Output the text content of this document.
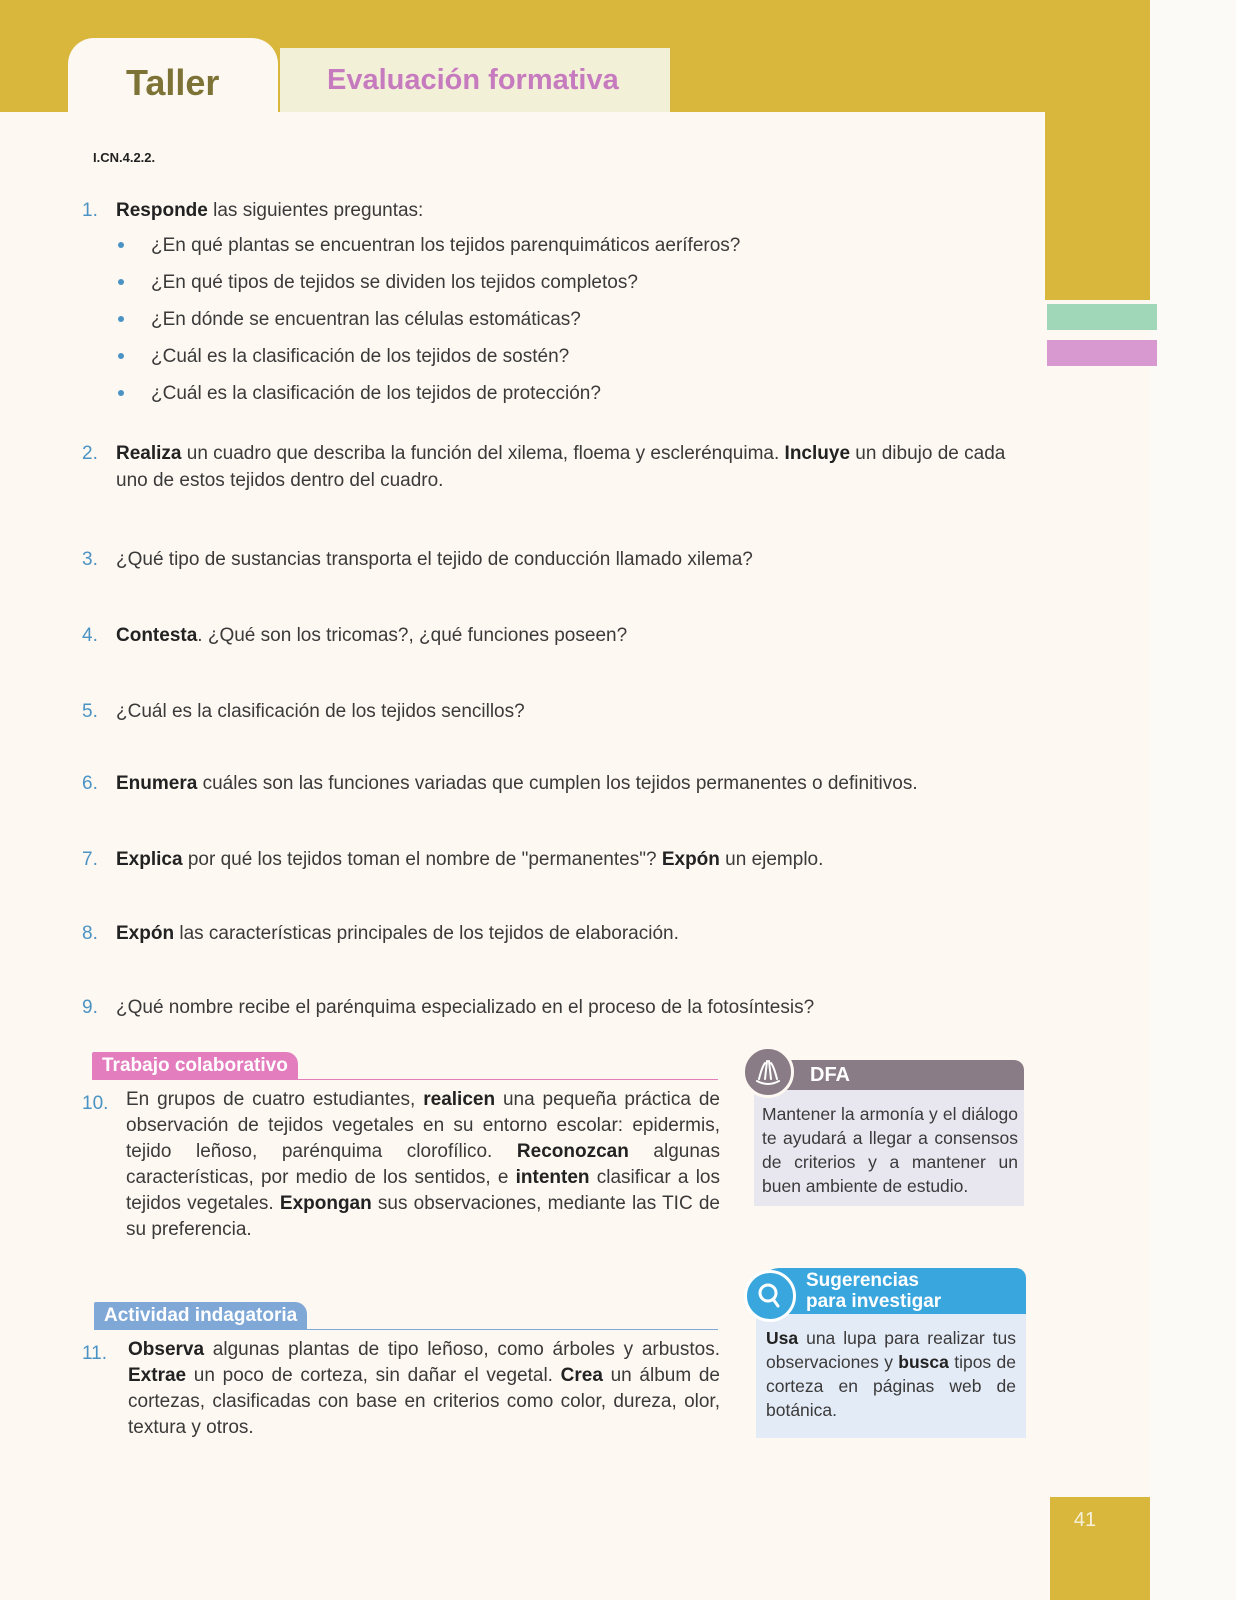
Taller	Evaluación formativa
I.CN.4.2.2.
1. Responde las siguientes preguntas:
¿En qué plantas se encuentran los tejidos parenquimáticos aeríferos?
¿En qué tipos de tejidos se dividen los tejidos completos?
¿En dónde se encuentran las células estomáticas?
¿Cuál es la clasificación de los tejidos de sostén?
¿Cuál es la clasificación de los tejidos de protección?
2. Realiza un cuadro que describa la función del xilema, floema y esclerénquima. Incluye un dibujo de cada uno de estos tejidos dentro del cuadro.
3. ¿Qué tipo de sustancias transporta el tejido de conducción llamado xilema?
4. Contesta. ¿Qué son los tricomas?, ¿qué funciones poseen?
5. ¿Cuál es la clasificación de los tejidos sencillos?
6. Enumera cuáles son las funciones variadas que cumplen los tejidos permanentes o definitivos.
7. Explica por qué los tejidos toman el nombre de "permanentes"? Expón un ejemplo.
8. Expón las características principales de los tejidos de elaboración.
9. ¿Qué nombre recibe el parénquima especializado en el proceso de la fotosíntesis?
Trabajo colaborativo
10. En grupos de cuatro estudiantes, realicen una pequeña práctica de observación de tejidos vegetales en su entorno escolar: epidermis, tejido leñoso, parénquima clorofílico. Reconozcan algunas características, por medio de los sentidos, e intenten clasificar a los tejidos vegetales. Expongan sus observaciones, mediante las TIC de su preferencia.
DFA
Mantener la armonía y el diálogo te ayudará a llegar a consensos de criterios y a mantener un buen ambiente de estudio.
Actividad indagatoria
11. Observa algunas plantas de tipo leñoso, como árboles y arbustos. Extrae un poco de corteza, sin dañar el vegetal. Crea un álbum de cortezas, clasificadas con base en criterios como color, dureza, olor, textura y otros.
Sugerencias
para investigar
Usa una lupa para realizar tus observaciones y busca tipos de corteza en páginas web de botánica.
41
